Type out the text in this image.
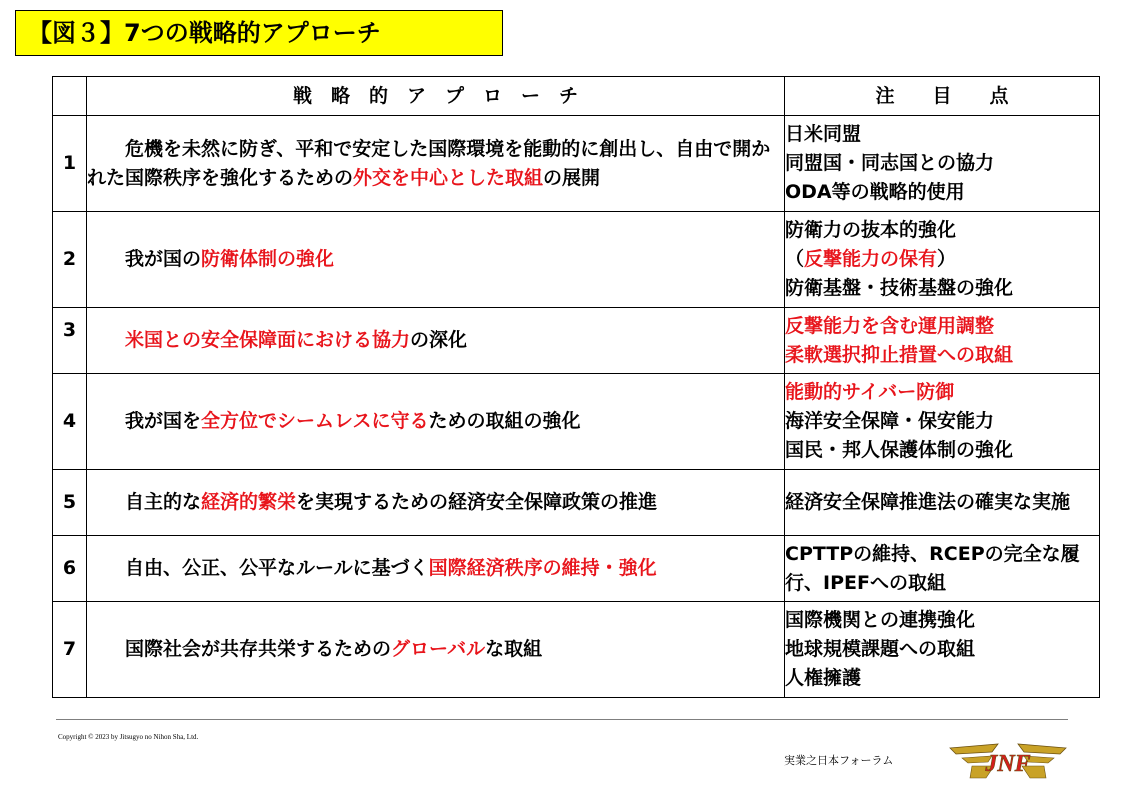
【図３】7つの戦略的アプローチ
	戦　略　的　ア　プ　ロ　ー　チ	注　　目　　点
1	危機を未然に防ぎ、平和で安定した国際環境を能動的に創出し、自由で開かれた国際秩序を強化するための外交を中心とした取組の展開	日米同盟
同盟国・同志国との協力
ODA等の戦略的使用

2	我が国の防衛体制の強化	防衛力の抜本的強化
（反撃能力の保有）
防衛基盤・技術基盤の強化

3	米国との安全保障面における協力の深化	反撃能力を含む運用調整
柔軟選択抑止措置への取組

4	我が国を全方位でシームレスに守るための取組の強化	能動的サイバー防御
海洋安全保障・保安能力
国民・邦人保護体制の強化

5	自主的な経済的繁栄を実現するための経済安全保障政策の推進	経済安全保障推進法の確実な実施

6	自由、公正、公平なルールに基づく国際経済秩序の維持・強化	CPTTPの維持、RCEPの完全な履行、IPEFへの取組

7	国際社会が共存共栄するためのグローバルな取組	国際機関との連携強化
地球規模課題への取組
人権擁護
Copyright © 2023 by Jitsugyo no Nihon Sha, Ltd.
実業之日本フォーラム	JNF
